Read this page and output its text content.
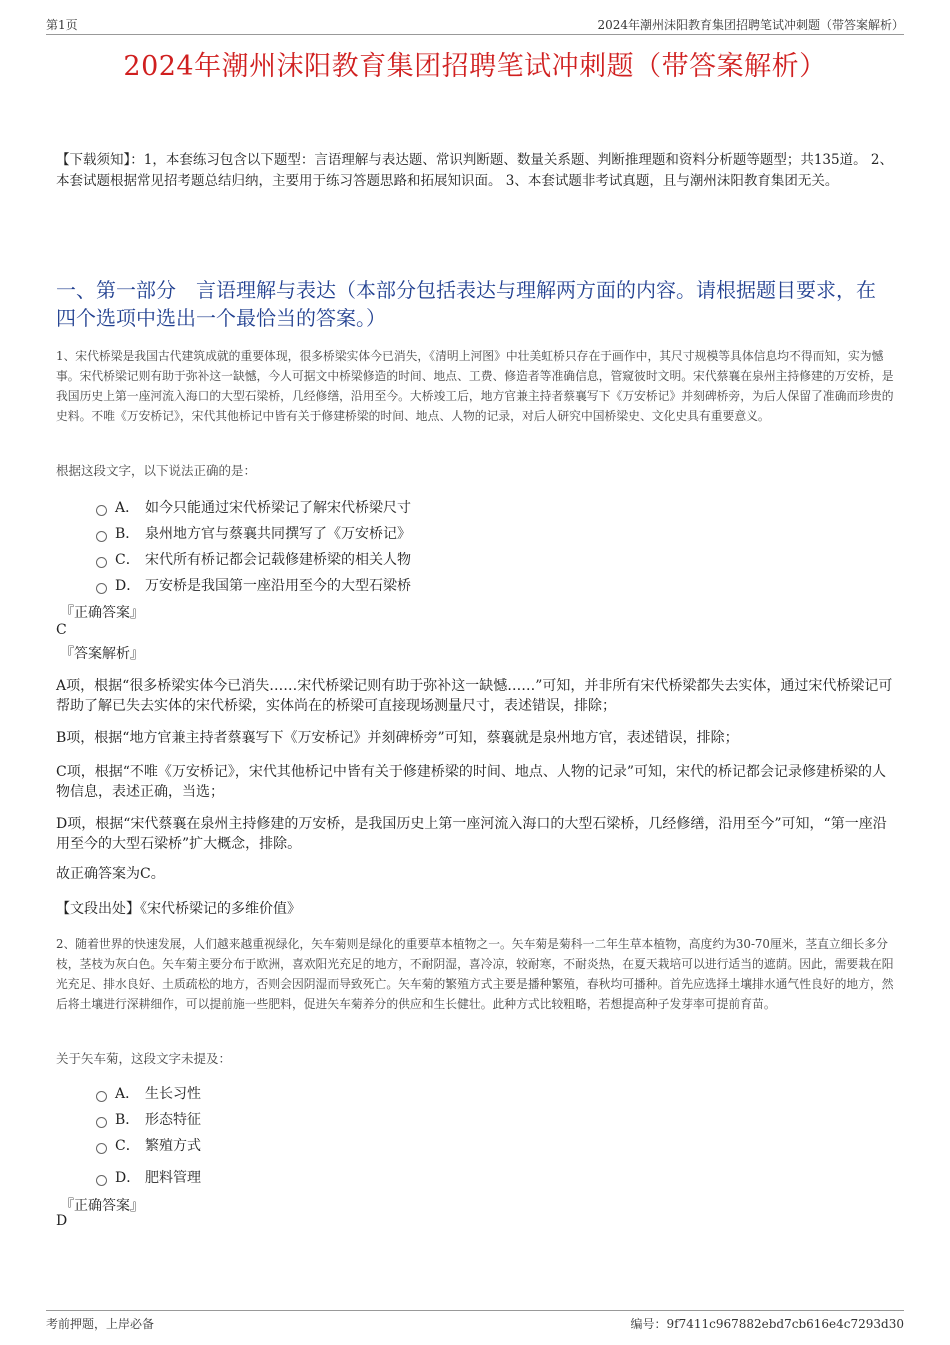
第1页	2024年潮州沫阳教育集团招聘笔试冲刺题（带答案解析）
2024年潮州沫阳教育集团招聘笔试冲刺题（带答案解析）
【下载须知】：1，本套练习包含以下题型：言语理解与表达题、常识判断题、数量关系题、判断推理题和资料分析题等题型；共135道。 2、本套试题根据常见招考题总结归纳，主要用于练习答题思路和拓展知识面。 3、本套试题非考试真题，且与潮州沫阳教育集团无关。
一、第一部分　言语理解与表达（本部分包括表达与理解两方面的内容。请根据题目要求，在四个选项中选出一个最恰当的答案。）
1、宋代桥梁是我国古代建筑成就的重要体现，很多桥梁实体今已消失，《清明上河图》中壮美虹桥只存在于画作中，其尺寸规模等具体信息均不得而知，实为憾事。宋代桥梁记则有助于弥补这一缺憾，今人可据文中桥梁修造的时间、地点、工费、修造者等准确信息，管窥彼时文明。宋代蔡襄在泉州主持修建的万安桥，是我国历史上第一座河流入海口的大型石梁桥，几经修缮，沿用至今。大桥竣工后，地方官兼主持者蔡襄写下《万安桥记》并刻碑桥旁，为后人保留了准确而珍贵的史料。不唯《万安桥记》，宋代其他桥记中皆有关于修建桥梁的时间、地点、人物的记录，对后人研究中国桥梁史、文化史具有重要意义。
根据这段文字，以下说法正确的是：
A． 如今只能通过宋代桥梁记了解宋代桥梁尺寸
B． 泉州地方官与蔡襄共同撰写了《万安桥记》
C． 宋代所有桥记都会记载修建桥梁的相关人物
D． 万安桥是我国第一座沿用至今的大型石梁桥
『正确答案』
C
『答案解析』
A项，根据“很多桥梁实体今已消失……宋代桥梁记则有助于弥补这一缺憾……”可知，并非所有宋代桥梁都失去实体，通过宋代桥梁记可帮助了解已失去实体的宋代桥梁，实体尚在的桥梁可直接现场测量尺寸，表述错误，排除；
B项，根据“地方官兼主持者蔡襄写下《万安桥记》并刻碑桥旁”可知，蔡襄就是泉州地方官，表述错误，排除；
C项，根据“不唯《万安桥记》，宋代其他桥记中皆有关于修建桥梁的时间、地点、人物的记录”可知，宋代的桥记都会记录修建桥梁的人物信息，表述正确，当选；
D项，根据“宋代蔡襄在泉州主持修建的万安桥，是我国历史上第一座河流入海口的大型石梁桥，几经修缮，沿用至今”可知，“第一座沿用至今的大型石梁桥”扩大概念，排除。
故正确答案为C。
【文段出处】《宋代桥梁记的多维价值》
2、随着世界的快速发展，人们越来越重视绿化，矢车菊则是绿化的重要草本植物之一。矢车菊是菊科一二年生草本植物，高度约为30-70厘米，茎直立细长多分枝，茎枝为灰白色。矢车菊主要分布于欧洲，喜欢阳光充足的地方，不耐阴湿，喜冷凉，较耐寒，不耐炎热，在夏天栽培可以进行适当的遮荫。因此，需要栽在阳光充足、排水良好、土质疏松的地方，否则会因阴湿而导致死亡。矢车菊的繁殖方式主要是播种繁殖，春秋均可播种。首先应选择土壤排水通气性良好的地方，然后将土壤进行深耕细作，可以提前施一些肥料，促进矢车菊养分的供应和生长健壮。此种方式比较粗略，若想提高种子发芽率可提前育苗。
关于矢车菊，这段文字未提及：
A． 生长习性
B． 形态特征
C． 繁殖方式
D． 肥料管理
『正确答案』
D
考前押题，上岸必备	编号：9f7411c967882ebd7cb616e4c7293d30
